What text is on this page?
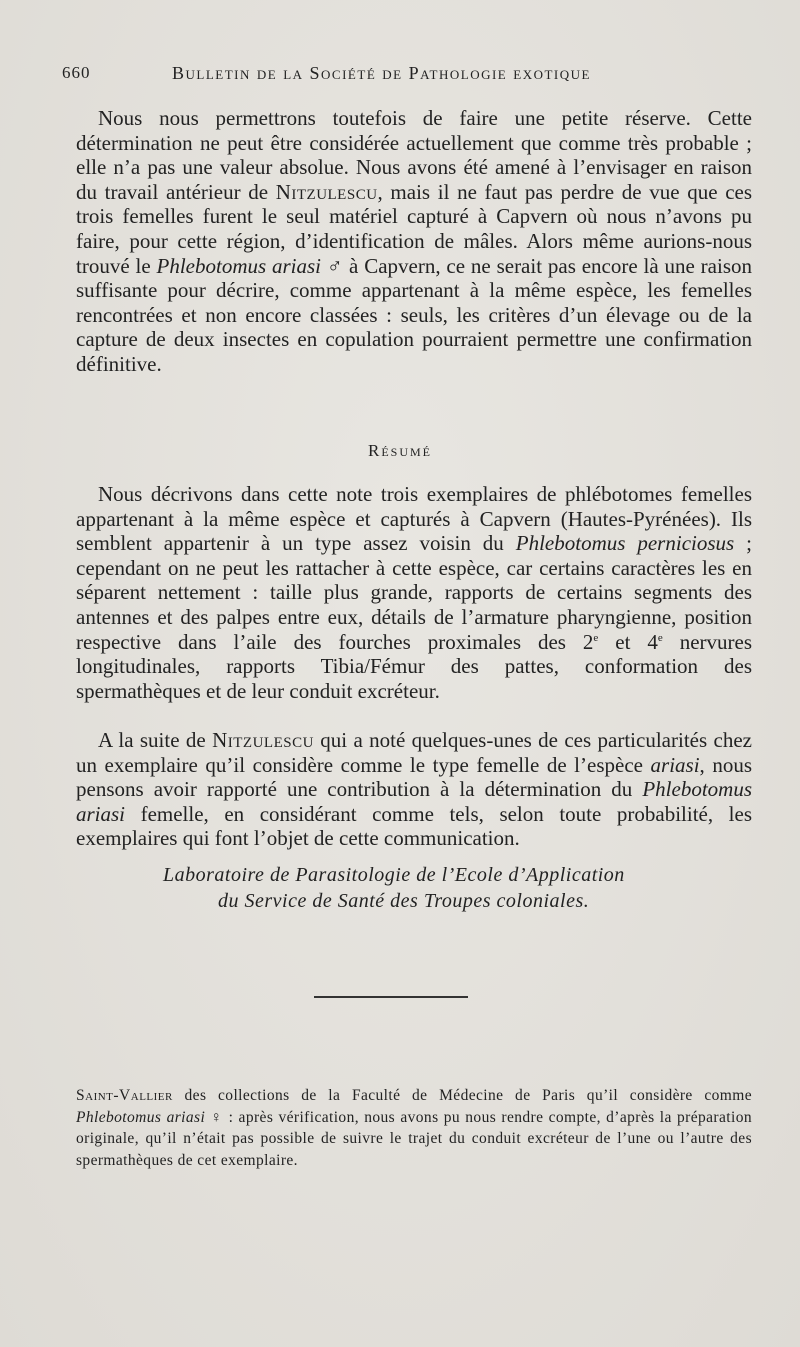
660	Bulletin de la Société de Pathologie exotique

Nous nous permettrons toutefois de faire une petite réserve. Cette détermination ne peut être considérée actuellement que comme très probable ; elle n’a pas une valeur absolue. Nous avons été amené à l’envisager en raison du travail antérieur de Nitzulescu, mais il ne faut pas perdre de vue que ces trois femelles furent le seul matériel capturé à Capvern où nous n’avons pu faire, pour cette région, d’identification de mâles. Alors même aurions-nous trouvé le Phlebotomus ariasi ♂ à Capvern, ce ne serait pas encore là une raison suffisante pour décrire, comme appartenant à la même espèce, les femelles rencontrées et non encore classées : seuls, les critères d’un élevage ou de la capture de deux insectes en copulation pourraient permettre une confirmation définitive.

Résumé

Nous décrivons dans cette note trois exemplaires de phlébotomes femelles appartenant à la même espèce et capturés à Capvern (Hautes-Pyrénées). Ils semblent appartenir à un type assez voisin du Phlebotomus perniciosus ; cependant on ne peut les rattacher à cette espèce, car certains caractères les en séparent nettement : taille plus grande, rapports de certains segments des antennes et des palpes entre eux, détails de l’armature pharyngienne, position respective dans l’aile des fourches proximales des 2e et 4e nervures longitudinales, rapports Tibia/Fémur des pattes, conformation des spermathèques et de leur conduit excréteur.

A la suite de Nitzulescu qui a noté quelques-unes de ces particularités chez un exemplaire qu’il considère comme le type femelle de l’espèce ariasi, nous pensons avoir rapporté une contribution à la détermination du Phlebotomus ariasi femelle, en considérant comme tels, selon toute probabilité, les exemplaires qui font l’objet de cette communication.

Laboratoire de Parasitologie de l’Ecole d’Application
du Service de Santé des Troupes coloniales.

Saint-Vallier des collections de la Faculté de Médecine de Paris qu’il considère comme Phlebotomus ariasi ♀ : après vérification, nous avons pu nous rendre compte, d’après la préparation originale, qu’il n’était pas possible de suivre le trajet du conduit excréteur de l’une ou l’autre des spermathèques de cet exemplaire.
